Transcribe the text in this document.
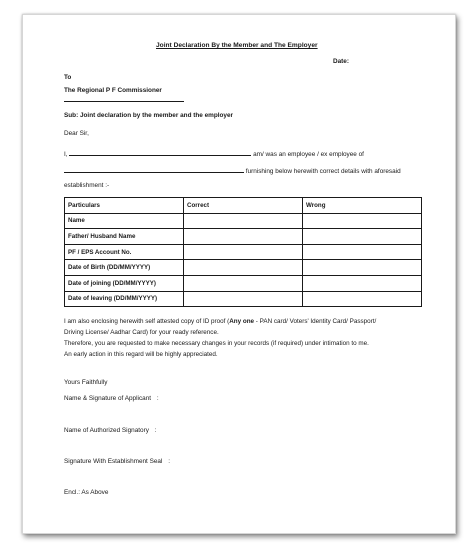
Joint Declaration By the Member and The Employer
Date:
To
The Regional P F Commissioner
Sub: Joint declaration by the member and the employer
Dear Sir,
I,	am/ was an employee / ex employee of
furnishing below herewith correct details with aforesaid
establishment :-
Particulars	Correct	Wrong
Name		
Father/ Husband Name		
PF / EPS Account No.		
Date of Birth (DD/MM/YYYY)		
Date of joining (DD/MM/YYYY)		
Date of leaving (DD/MM/YYYY)		
I am also enclosing herewith self attested copy of ID proof (Any one - PAN card/ Voters' Identity Card/ Passport/
Driving License/ Aadhar Card) for your ready reference.
Therefore, you are requested to make necessary changes in your records (if required) under intimation to me.
An early action in this regard will be highly appreciated.
Yours Faithfully
Name & Signature of Applicant :
Name of Authorized Signatory :
Signature With Establishment Seal :
Encl.: As Above
